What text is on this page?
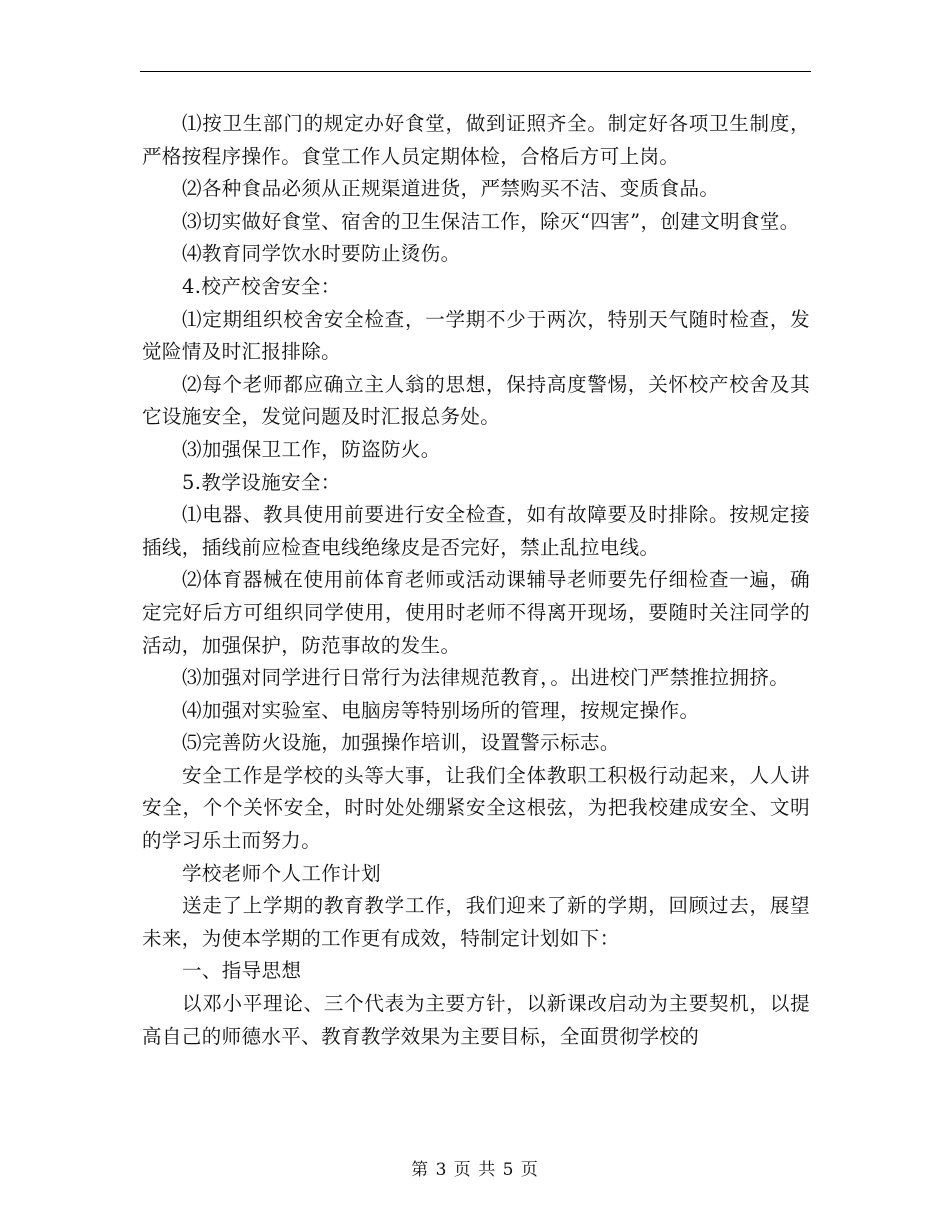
⑴按卫生部门的规定办好食堂，做到证照齐全。制定好各项卫生制度，严格按程序操作。食堂工作人员定期体检，合格后方可上岗。

⑵各种食品必须从正规渠道进货，严禁购买不洁、变质食品。

⑶切实做好食堂、宿舍的卫生保洁工作，除灭“四害”，创建文明食堂。

⑷教育同学饮水时要防止烫伤。

4.校产校舍安全：

⑴定期组织校舍安全检查，一学期不少于两次，特别天气随时检查，发觉险情及时汇报排除。

⑵每个老师都应确立主人翁的思想，保持高度警惕，关怀校产校舍及其它设施安全，发觉问题及时汇报总务处。

⑶加强保卫工作，防盗防火。

5.教学设施安全：

⑴电器、教具使用前要进行安全检查，如有故障要及时排除。按规定接插线，插线前应检查电线绝缘皮是否完好，禁止乱拉电线。

⑵体育器械在使用前体育老师或活动课辅导老师要先仔细检查一遍，确定完好后方可组织同学使用，使用时老师不得离开现场，要随时关注同学的活动，加强保护，防范事故的发生。

⑶加强对同学进行日常行为法律规范教育，。出进校门严禁推拉拥挤。

⑷加强对实验室、电脑房等特别场所的管理，按规定操作。

⑸完善防火设施，加强操作培训，设置警示标志。

安全工作是学校的头等大事，让我们全体教职工积极行动起来，人人讲安全，个个关怀安全，时时处处绷紧安全这根弦，为把我校建成安全、文明的学习乐土而努力。

学校老师个人工作计划

送走了上学期的教育教学工作，我们迎来了新的学期，回顾过去，展望未来，为使本学期的工作更有成效，特制定计划如下：

一、指导思想

以邓小平理论、三个代表为主要方针，以新课改启动为主要契机，以提高自己的师德水平、教育教学效果为主要目标，全面贯彻学校的

第 3 页 共 5 页
